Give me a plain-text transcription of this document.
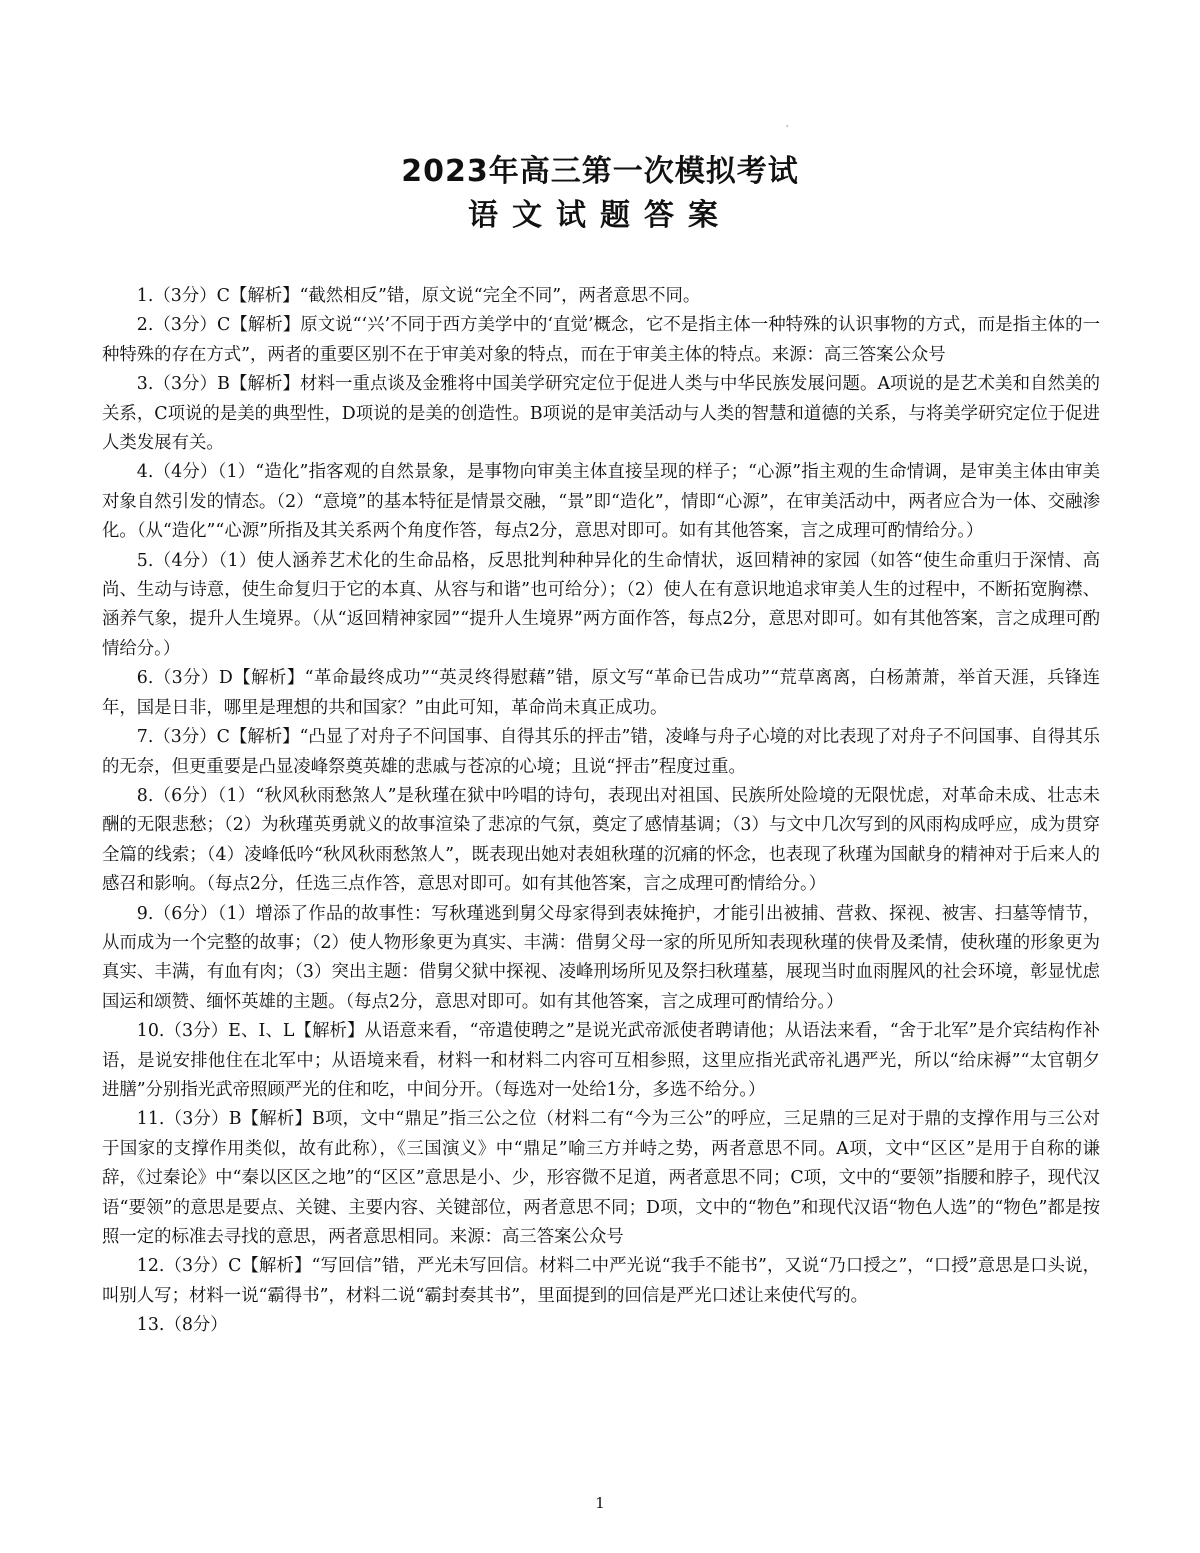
'
2023年高三第一次模拟考试
语文试题答案

1.（3分）C【解析】“截然相反”错，原文说“完全不同”，两者意思不同。

2.（3分）C【解析】原文说“‘兴’不同于西方美学中的‘直觉’概念，它不是指主体一种特殊的认识事物的方式，而是指主体的一种特殊的存在方式”，两者的重要区别不在于审美对象的特点，而在于审美主体的特点。来源：高三答案公众号

3.（3分）B【解析】材料一重点谈及金雅将中国美学研究定位于促进人类与中华民族发展问题。A项说的是艺术美和自然美的关系，C项说的是美的典型性，D项说的是美的创造性。B项说的是审美活动与人类的智慧和道德的关系，与将美学研究定位于促进人类发展有关。

4.（4分）（1）“造化”指客观的自然景象，是事物向审美主体直接呈现的样子；“心源”指主观的生命情调，是审美主体由审美对象自然引发的情态。（2）“意境”的基本特征是情景交融，“景”即“造化”，情即“心源”，在审美活动中，两者应合为一体、交融渗化。（从“造化”“心源”所指及其关系两个角度作答，每点2分，意思对即可。如有其他答案，言之成理可酌情给分。）

5.（4分）（1）使人涵养艺术化的生命品格，反思批判种种异化的生命情状，返回精神的家园（如答“使生命重归于深情、高尚、生动与诗意，使生命复归于它的本真、从容与和谐”也可给分）；（2）使人在有意识地追求审美人生的过程中，不断拓宽胸襟、涵养气象，提升人生境界。（从“返回精神家园”“提升人生境界”两方面作答，每点2分，意思对即可。如有其他答案，言之成理可酌情给分。）

6.（3分）D【解析】“革命最终成功”“英灵终得慰藉”错，原文写“革命已告成功”“荒草离离，白杨萧萧，举首天涯，兵锋连年，国是日非，哪里是理想的共和国家？”由此可知，革命尚未真正成功。

7.（3分）C【解析】“凸显了对舟子不问国事、自得其乐的抨击”错，凌峰与舟子心境的对比表现了对舟子不问国事、自得其乐的无奈，但更重要是凸显凌峰祭奠英雄的悲戚与苍凉的心境；且说“抨击”程度过重。

8.（6分）（1）“秋风秋雨愁煞人”是秋瑾在狱中吟唱的诗句，表现出对祖国、民族所处险境的无限忧虑，对革命未成、壮志未酬的无限悲愁；（2）为秋瑾英勇就义的故事渲染了悲凉的气氛，奠定了感情基调；（3）与文中几次写到的风雨构成呼应，成为贯穿全篇的线索；（4）凌峰低吟“秋风秋雨愁煞人”，既表现出她对表姐秋瑾的沉痛的怀念，也表现了秋瑾为国献身的精神对于后来人的感召和影响。（每点2分，任选三点作答，意思对即可。如有其他答案，言之成理可酌情给分。）

9.（6分）（1）增添了作品的故事性：写秋瑾逃到舅父母家得到表妹掩护，才能引出被捕、营救、探视、被害、扫墓等情节，从而成为一个完整的故事；（2）使人物形象更为真实、丰满：借舅父母一家的所见所知表现秋瑾的侠骨及柔情，使秋瑾的形象更为真实、丰满，有血有肉；（3）突出主题：借舅父狱中探视、凌峰刑场所见及祭扫秋瑾墓，展现当时血雨腥风的社会环境，彰显忧虑国运和颂赞、缅怀英雄的主题。（每点2分，意思对即可。如有其他答案，言之成理可酌情给分。）

10.（3分）E、I、L【解析】从语意来看，“帝遣使聘之”是说光武帝派使者聘请他；从语法来看，“舍于北军”是介宾结构作补语，是说安排他住在北军中；从语境来看，材料一和材料二内容可互相参照，这里应指光武帝礼遇严光，所以“给床褥”“太官朝夕进膳”分别指光武帝照顾严光的住和吃，中间分开。（每选对一处给1分，多选不给分。）

11.（3分）B【解析】B项，文中“鼎足”指三公之位（材料二有“今为三公”的呼应，三足鼎的三足对于鼎的支撑作用与三公对于国家的支撑作用类似，故有此称），《三国演义》中“鼎足”喻三方并峙之势，两者意思不同。A项，文中“区区”是用于自称的谦辞，《过秦论》中“秦以区区之地”的“区区”意思是小、少，形容微不足道，两者意思不同；C项，文中的“要领”指腰和脖子，现代汉语“要领”的意思是要点、关键、主要内容、关键部位，两者意思不同；D项，文中的“物色”和现代汉语“物色人选”的“物色”都是按照一定的标准去寻找的意思，两者意思相同。来源：高三答案公众号

12.（3分）C【解析】“写回信”错，严光未写回信。材料二中严光说“我手不能书”，又说“乃口授之”，“口授”意思是口头说，叫别人写；材料一说“霸得书”，材料二说“霸封奏其书”，里面提到的回信是严光口述让来使代写的。

13.（8分）

1
